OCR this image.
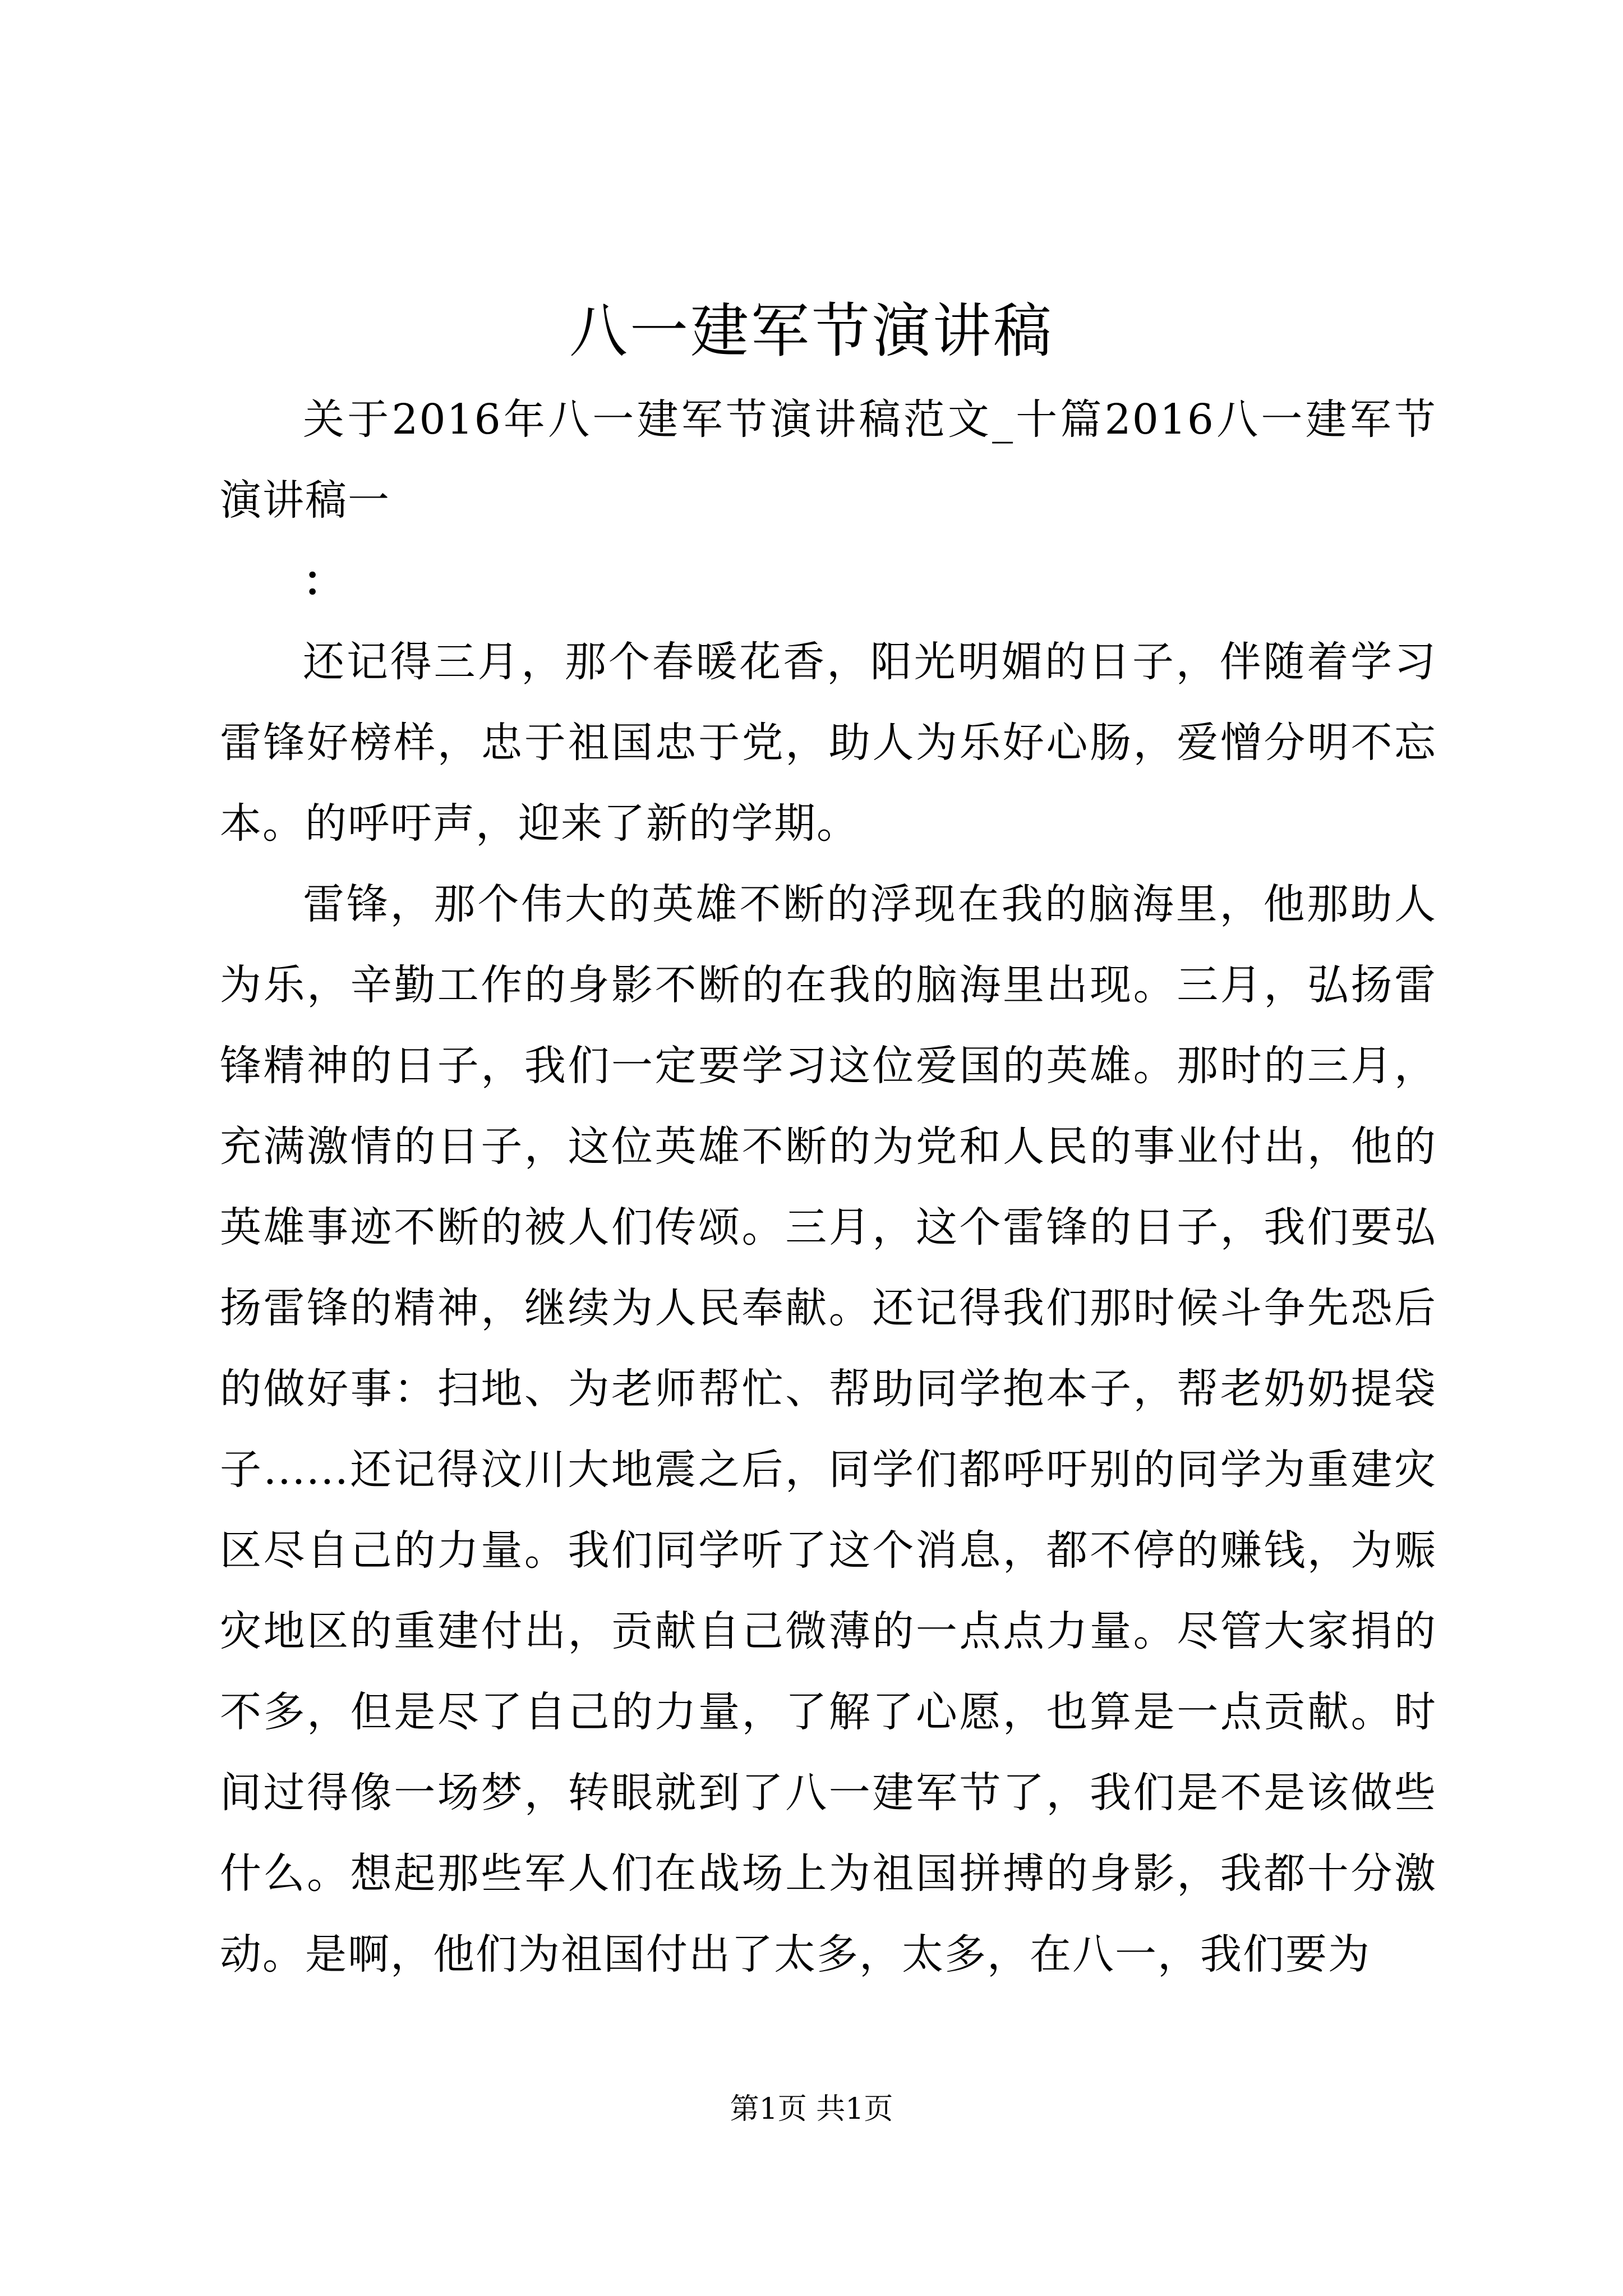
八一建军节演讲稿

关于2016年八一建军节演讲稿范文_十篇2016八一建军节演讲稿一

：

还记得三月，那个春暖花香，阳光明媚的日子，伴随着学习雷锋好榜样，忠于祖国忠于党，助人为乐好心肠，爱憎分明不忘本。的呼吁声，迎来了新的学期。

雷锋，那个伟大的英雄不断的浮现在我的脑海里，他那助人为乐，辛勤工作的身影不断的在我的脑海里出现。三月，弘扬雷锋精神的日子，我们一定要学习这位爱国的英雄。那时的三月，充满激情的日子，这位英雄不断的为党和人民的事业付出，他的英雄事迹不断的被人们传颂。三月，这个雷锋的日子，我们要弘扬雷锋的精神，继续为人民奉献。还记得我们那时候斗争先恐后的做好事：扫地、为老师帮忙、帮助同学抱本子，帮老奶奶提袋子......还记得汶川大地震之后，同学们都呼吁别的同学为重建灾区尽自己的力量。我们同学听了这个消息，都不停的赚钱，为赈灾地区的重建付出，贡献自己微薄的一点点力量。尽管大家捐的不多，但是尽了自己的力量，了解了心愿，也算是一点贡献。时间过得像一场梦，转眼就到了八一建军节了，我们是不是该做些什么。想起那些军人们在战场上为祖国拼搏的身影，我都十分激动。是啊，他们为祖国付出了太多，太多，在八一，我们要为

第1页 共1页
